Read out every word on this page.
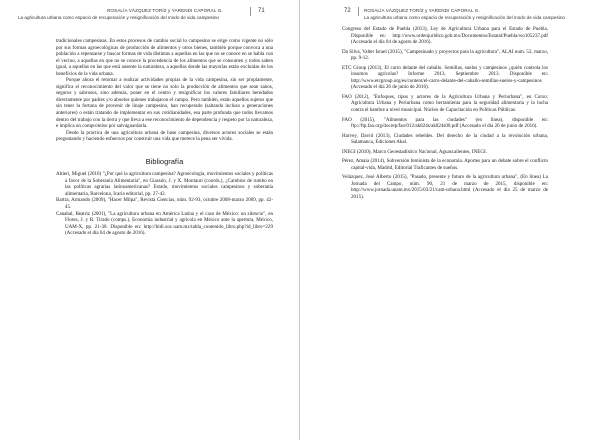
ROSALÍA VÁZQUEZ TORÍZ y YARENDI CAPORAL G.
La agricultura urbana como espacio de recuperación y resignificación del modo de vida campesino
71

tradicionales campesinas. En estos procesos de cambio social lo campesino se erige como vigente no sólo por sus formas agroecológicas de producción de alimentos y otros bienes, también porque convoca a una población a repensarse y buscar formas de vida distintas a aquellas en las que no se conoce en se habla con el vecino, a aquellas en que no se conoce la procedencia de los alimentos que se consumen y todos saben igual, a aquellas en las que está ausente la naturaleza, a aquellas donde las mayorías están excluidas de los beneficios de la vida urbana.

Porque ahora el retomar a realizar actividades propias de la vida campesina, sin ser propiamente, significa el reconocimiento del valor que se tiene no solo la producción de alimentos que sean sanos, seguros y sabrosos, sino además, poner en el centro y resignificar los valores familiares heredados directamente por padres y/o abuelos quienes trabajaron el campo. Pero también, están aquellos sujetos que sin tener la fortuna de provenir de linaje campesino, han recuperado (saltando incluso a generaciones anteriores) o están tratando de implementar en sus cotidianidades, esa parte profunda que todos llevamos dentro del trabajo con la tierra y que lleva a ese reconocimiento de dependencia y respeto por la naturaleza, e implica un compromiso por salvaguardarla.

Desde la práctica de una agricultura urbana de base campesina, diversos actores sociales se están preguntando y haciendo esfuerzos por construir una vida que merece la pena ser vivida.

Bibliografía

Altieri, Miguel (2010) "¿Por qué la agricultura campesina? Agroecología, movimientos sociales y políticas a favor de la Soberanía Alimentaria", en Giassón, J. y X. Montauri (coords.), ¿Cambios de rumbo en las políticas agrarias latinoamericanas? Estado, movimientos sociales campesinos y soberanía alimentaria, Barcelona, Icaria editorial, pp. 27-42.

Bartra, Armando (2009), "Hacer Milpa", Revista Ciencias, núm. 92-93, octubre 2008-marzo 2009, pp. 42-45.

Canabal, Beatriz (2001), "La agricultura urbana en América Latina y el caso de México: un silencio", en Flores, J. y R. Tirado (comps.), Economía industrial y agrícola en México ante la apertura, México, UAM-X, pp. 21-38. Disponible en: http://bidi.xoc.uam.mx/tabla_contenido_libro.php?id_libro=229 (Accesado el día 04 de agosto de 2016).

72	ROSALÍA VÁZQUEZ TORÍZ y YARENDI CAPORAL G.
La agricultura urbana como espacio de recuperación y resignificación del modo de vida campesino

Congreso del Estado de Puebla (2013), Ley de Agricultura Urbana para el Estado de Puebla, Disponible en: http://www.ordenjuridico.gob.mx/Documentos/Estatal/Puebla/wo105237.pdf (Accesado el día 04 de agosto de 2016).

Da Silva, Valter Israel (2015), "Campesinado y proyectos para la agricultura", ALAI num. 52, marzo, pp. 9-12.

ETC Group (2013), El carro delante del caballo. Semillas, suelos y campesinos ¿quién controla los insumos agrícolas? Informe 2013, Septiembre 2013. Disponible en: http://www.etcgroup.org/es/content/el-carro-delante-del-caballo-semillas-suelos-y-campesinos (Accesado el día 26 de junio de 2016).

FAO (2012), "Enfoques, tipos y actores de la Agricultura Urbana y Periurbana", en Curso: Agricultura Urbana y Periurbana como herramienta para la seguridad alimentaria y la lucha contra el hambre a nivel municipal. Núcleo de Capacitación en Políticas Públicas.

FAO (2015), "Alimentos para las ciudades" (en línea), disponible en: ftp://ftp.fao.org/docrep/fao/012/ak824s/ak824s00.pdf (Accesado el día 26 de junio de 2016).

Harvey, David (2013), Ciudades rebeldes. Del derecho de la ciudad a la revolución urbana, Salamanca, Ediciones Akal.

INEGI (2010), Marco Geoestadístico Nacional, Aguascalientes, INEGI.

Pérez, Amaia (2014), Subversión feminista de la economía. Aportes para un debate sobre el conflicto capital-vida, Madrid, Editorial Traficantes de sueños.

Velázquez, José Alberto (2015), "Pasado, presente y futuro de la agricultura urbana", (En línea) La Jornada del Campo, núm. 90, 21 de marzo de 2015, disponible en: http://www.jornada.unam.mx/2015/03/21/cam-urbana.html (Accesado el día 25 de marzo de 2015).
